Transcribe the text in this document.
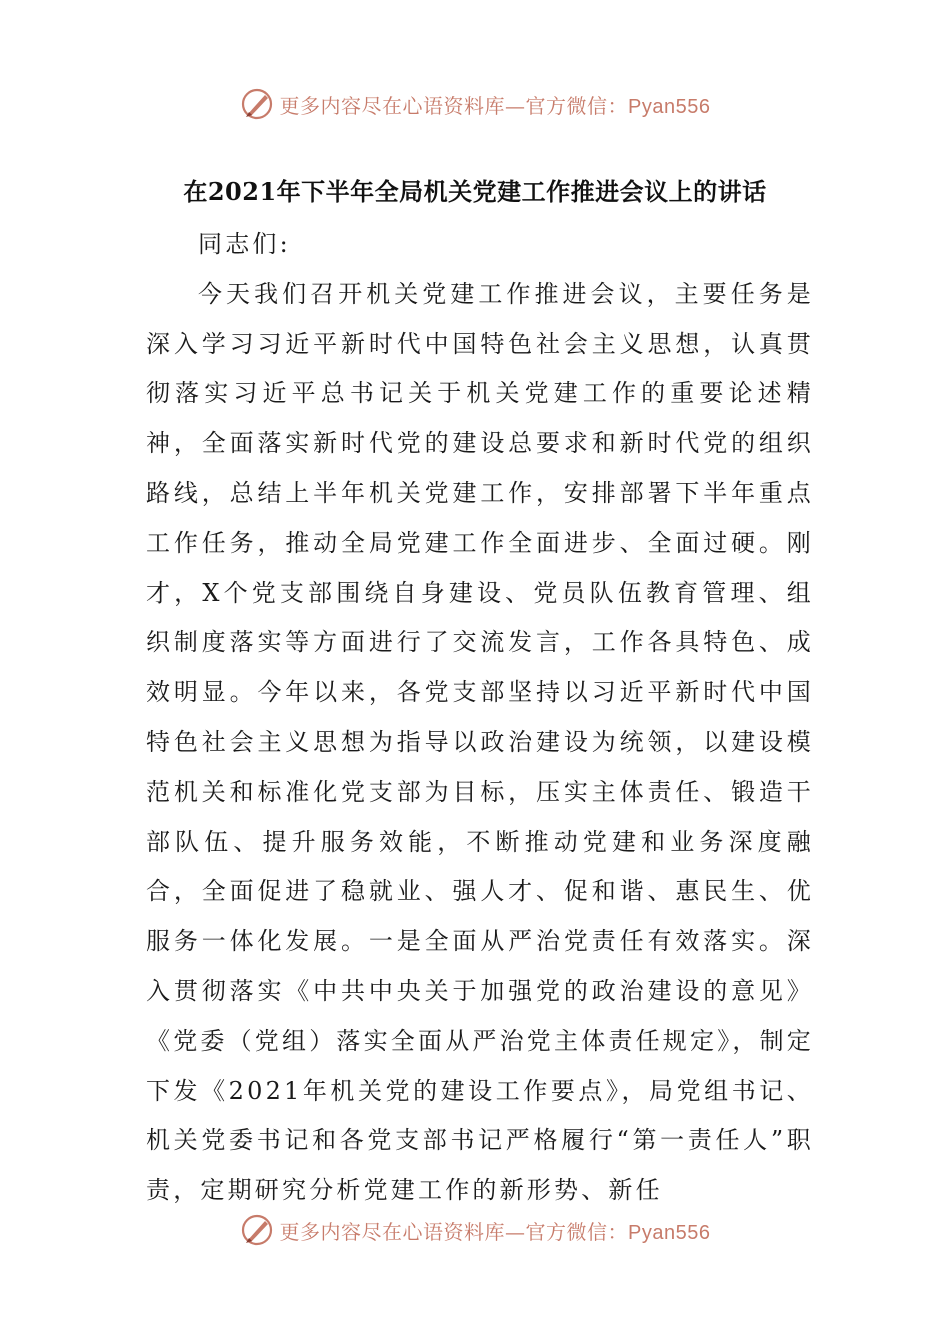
更多内容尽在心语资料库—官方微信：Pyan556
在2021年下半年全局机关党建工作推进会议上的讲话

同志们:

今天我们召开机关党建工作推进会议，主要任务是深入学习习近平新时代中国特色社会主义思想，认真贯彻落实习近平总书记关于机关党建工作的重要论述精神，全面落实新时代党的建设总要求和新时代党的组织路线，总结上半年机关党建工作，安排部署下半年重点工作任务，推动全局党建工作全面进步、全面过硬。刚才，X个党支部围绕自身建设、党员队伍教育管理、组织制度落实等方面进行了交流发言，工作各具特色、成效明显。今年以来，各党支部坚持以习近平新时代中国特色社会主义思想为指导以政治建设为统领，以建设模范机关和标准化党支部为目标，压实主体责任、锻造干部队伍、提升服务效能，不断推动党建和业务深度融合，全面促进了稳就业、强人才、促和谐、惠民生、优服务一体化发展。一是全面从严治党责任有效落实。深入贯彻落实《中共中央关于加强党的政治建设的意见》《党委（党组）落实全面从严治党主体责任规定》，制定下发《2021年机关党的建设工作要点》，局党组书记、机关党委书记和各党支部书记严格履行“第一责任人”职责，定期研究分析党建工作的新形势、新任

更多内容尽在心语资料库—官方微信：Pyan556
